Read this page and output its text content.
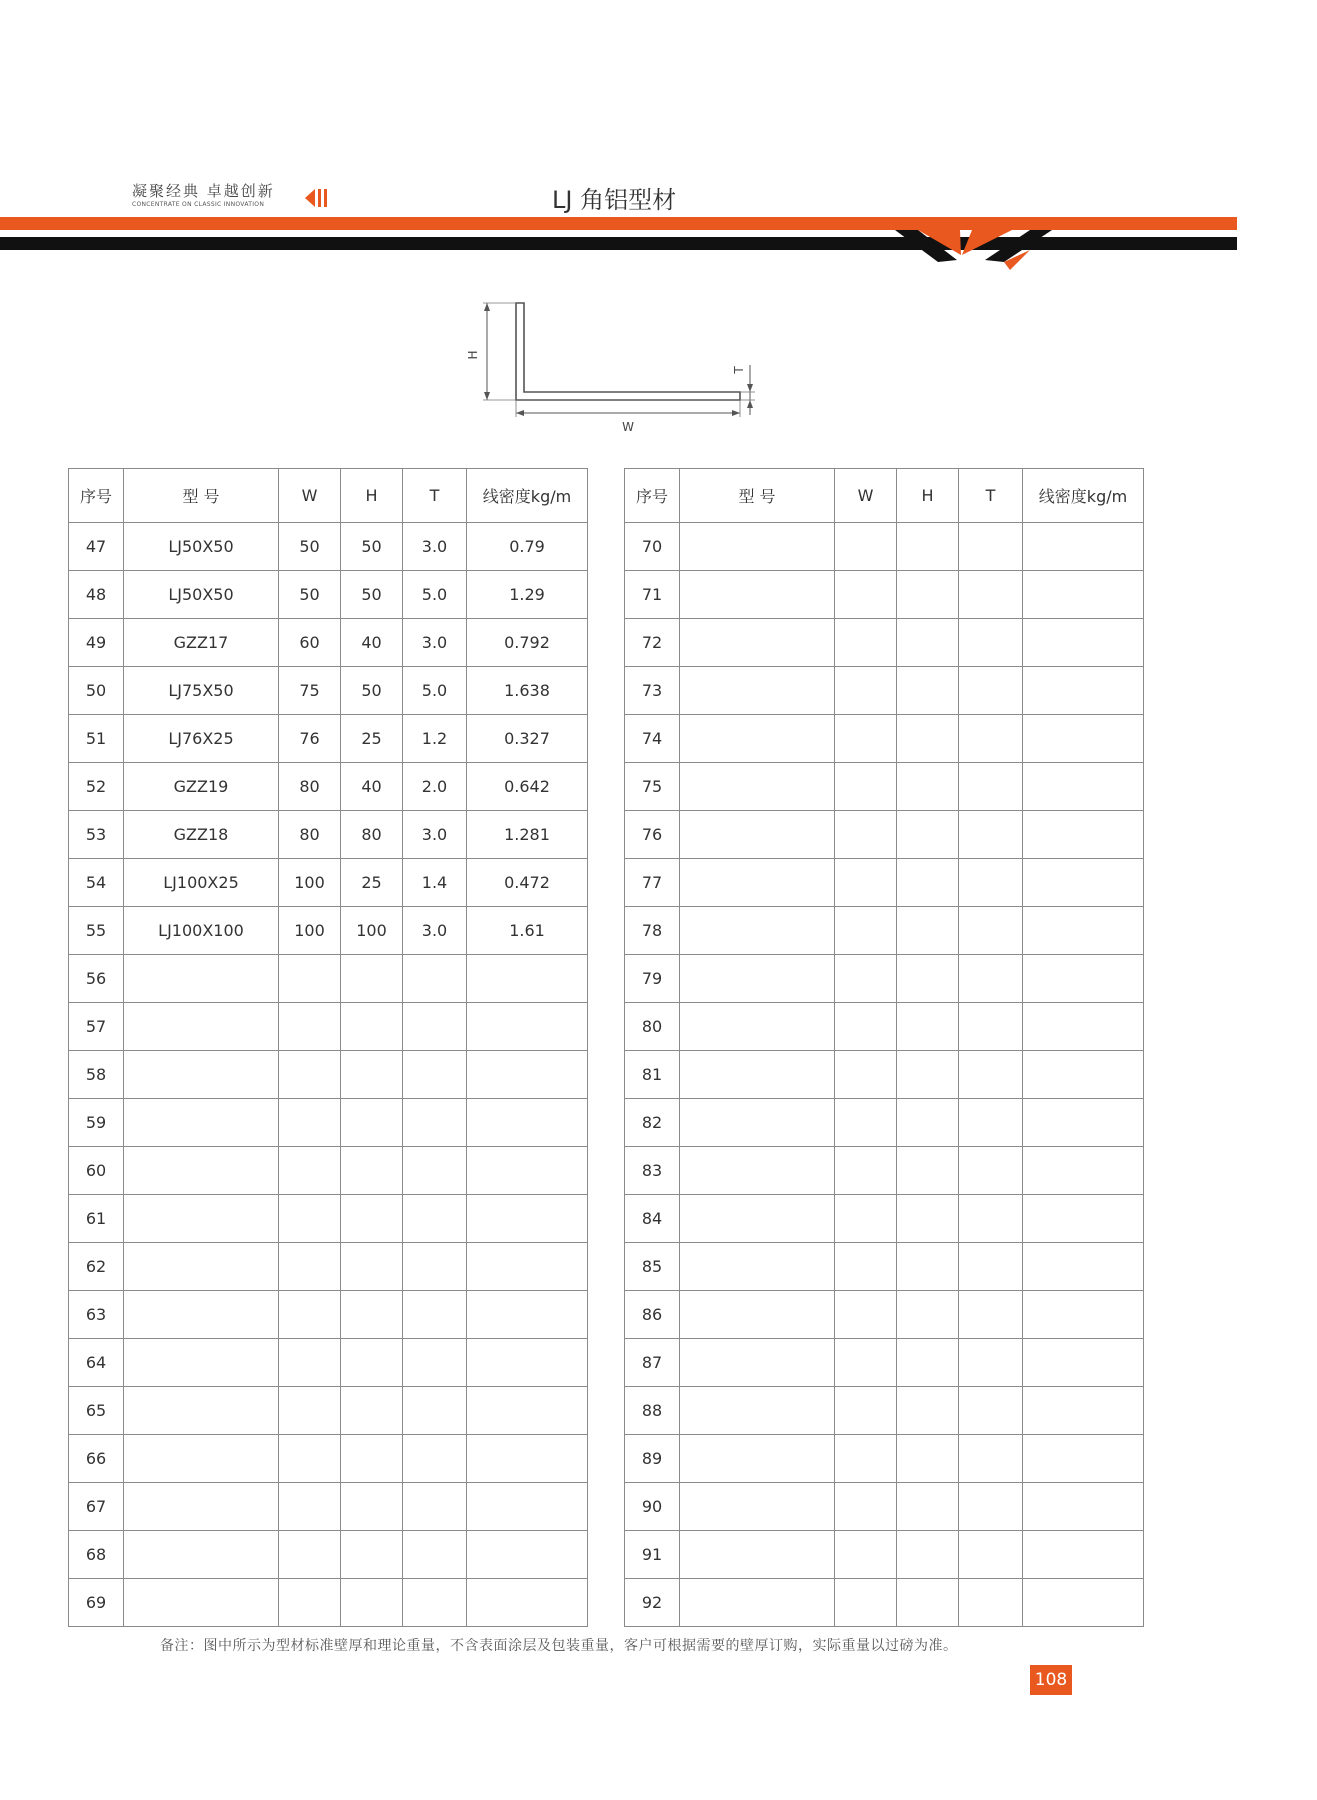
凝聚经典 卓越创新
CONCENTRATE ON CLASSIC INNOVATION	LJ 角铝型材
H
W
T
序号	型 号	W	H	T	线密度kg/m
47	LJ50X50	50	50	3.0	0.79
48	LJ50X50	50	50	5.0	1.29
49	GZZ17	60	40	3.0	0.792
50	LJ75X50	75	50	5.0	1.638
51	LJ76X25	76	25	1.2	0.327
52	GZZ19	80	40	2.0	0.642
53	GZZ18	80	80	3.0	1.281
54	LJ100X25	100	25	1.4	0.472
55	LJ100X100	100	100	3.0	1.61
56					
57					
58					
59					
60					
61					
62					
63					
64					
65					
66					
67					
68					
69					
序号	型 号	W	H	T	线密度kg/m
70					
71					
72					
73					
74					
75					
76					
77					
78					
79					
80					
81					
82					
83					
84					
85					
86					
87					
88					
89					
90					
91					
92					
备注：图中所示为型材标准壁厚和理论重量，不含表面涂层及包装重量，客户可根据需要的壁厚订购，实际重量以过磅为准。
108
